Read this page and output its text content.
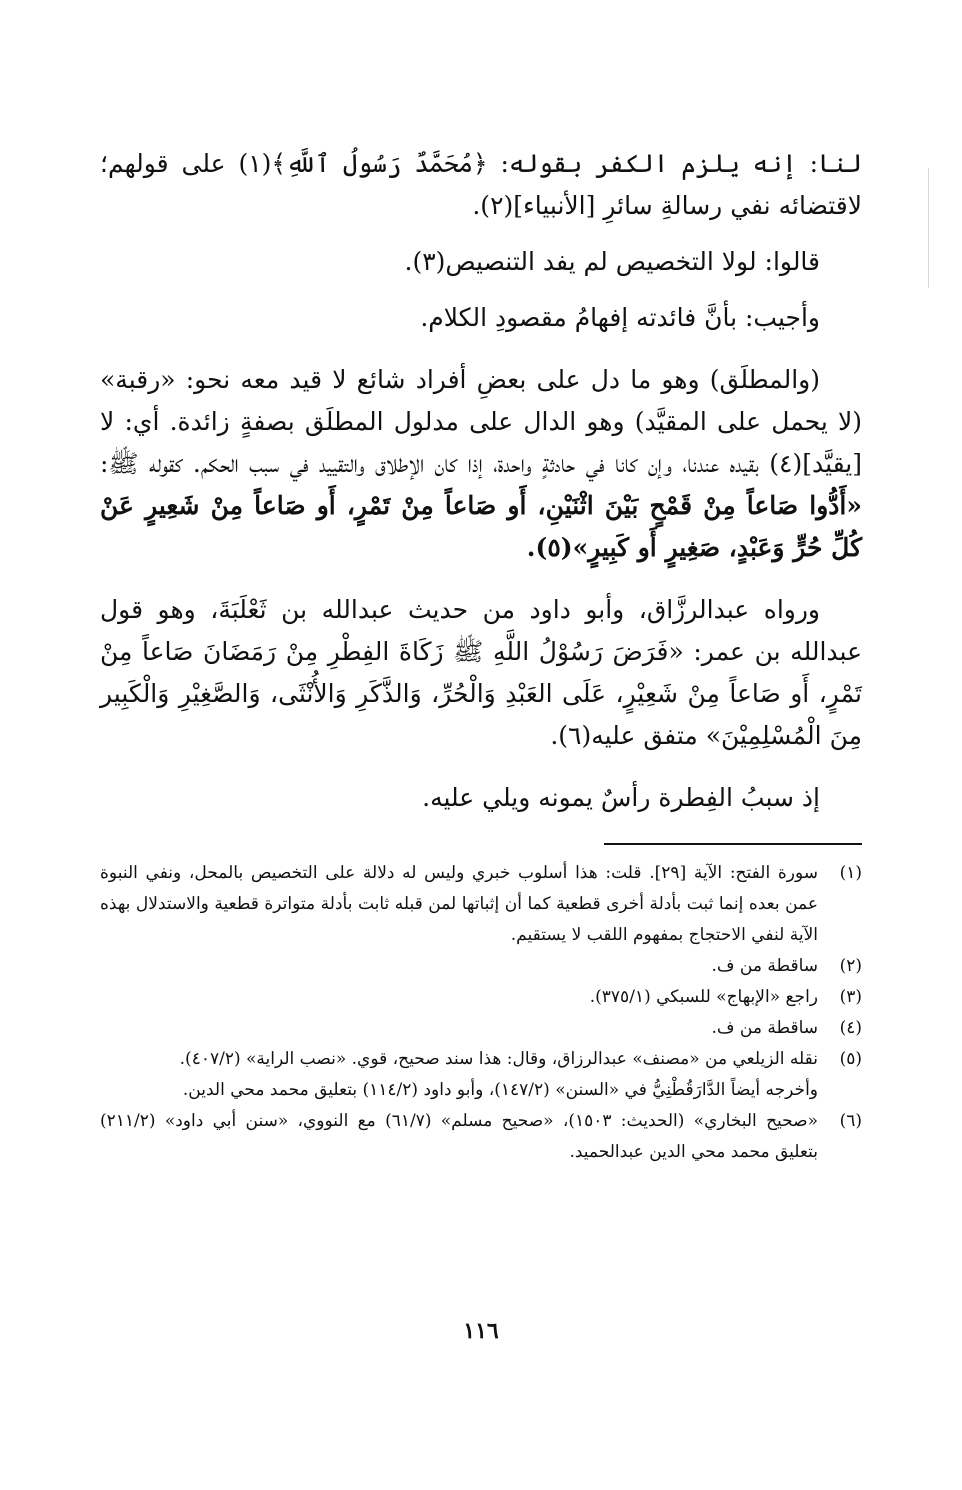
لنا: إنه يلزم الكفر بقوله: ﴿مُحَمَّدٌ رَسُولُ ٱللَّهِ﴾(١) على قولهم؛ لاقتضائه نفي رسالةِ سائرِ [الأنبياء](٢).

قالوا: لولا التخصيص لم يفد التنصيص(٣).

وأجيب: بأنَّ فائدته إفهامُ مقصودِ الكلام.

(والمطلَق) وهو ما دل على بعضِ أفراد شائع لا قيد معه نحو: «رقبة» (لا يحمل على المقيَّد) وهو الدال على مدلول المطلَق بصفةٍ زائدة. أي: لا [يقيَّد](٤) بقيده عندنا، وإن كانا في حادثةٍ واحدة، إذا كان الإطلاق والتقييد في سبب الحكم. كقوله ﷺ: «أَدُّوا صَاعاً مِنْ قَمْحٍ بَيْنَ اثْنَيْنِ، أَو صَاعاً مِنْ تَمْرٍ، أَو صَاعاً مِنْ شَعِيرٍ عَنْ كُلِّ حُرٍّ وَعَبْدٍ، صَغِيرٍ أَو كَبِيرٍ»(٥).

ورواه عبدالرزَّاق، وأبو داود من حديث عبدالله بن ثَعْلَبَةَ، وهو قول عبدالله بن عمر: «فَرَضَ رَسُوْلُ اللَّهِ ﷺ زَكَاةَ الفِطْرِ مِنْ رَمَضَانَ صَاعاً مِنْ تَمْرٍ، أَو صَاعاً مِنْ شَعِيْرٍ، عَلَى العَبْدِ وَالْحُرِّ، وَالذَّكَرِ وَالأُنْثَى، وَالصَّغِيْرِ وَالْكَبِير مِنَ الْمُسْلِمِيْنَ» متفق عليه(٦).

إذ سببُ الفِطرة رأسٌ يمونه ويلي عليه.

(١)
سورة الفتح: الآية [٢٩]. قلت: هذا أسلوب خبري وليس له دلالة على التخصيص بالمحل، ونفي النبوة عمن بعده إنما ثبت بأدلة أخرى قطعية كما أن إثباتها لمن قبله ثابت بأدلة متواترة قطعية والاستدلال بهذه الآية لنفي الاحتجاج بمفهوم اللقب لا يستقيم.
(٢)
ساقطة من ف.
(٣)
راجع «الإبهاج» للسبكي (٣٧٥/١).
(٤)
ساقطة من ف.
(٥)
نقله الزيلعي من «مصنف» عبدالرزاق، وقال: هذا سند صحيح، قوي. «نصب الراية» (٤٠٧/٢).
وأخرجه أيضاً الدَّارَقُطْنِيُّ في «السنن» (١٤٧/٢)، وأبو داود (١١٤/٢) بتعليق محمد محي الدين.
(٦)
«صحيح البخاري» (الحديث: ١٥٠٣)، «صحيح مسلم» (٦١/٧) مع النووي، «سنن أبي داود» (٢١١/٢) بتعليق محمد محي الدين عبدالحميد.
١١٦
